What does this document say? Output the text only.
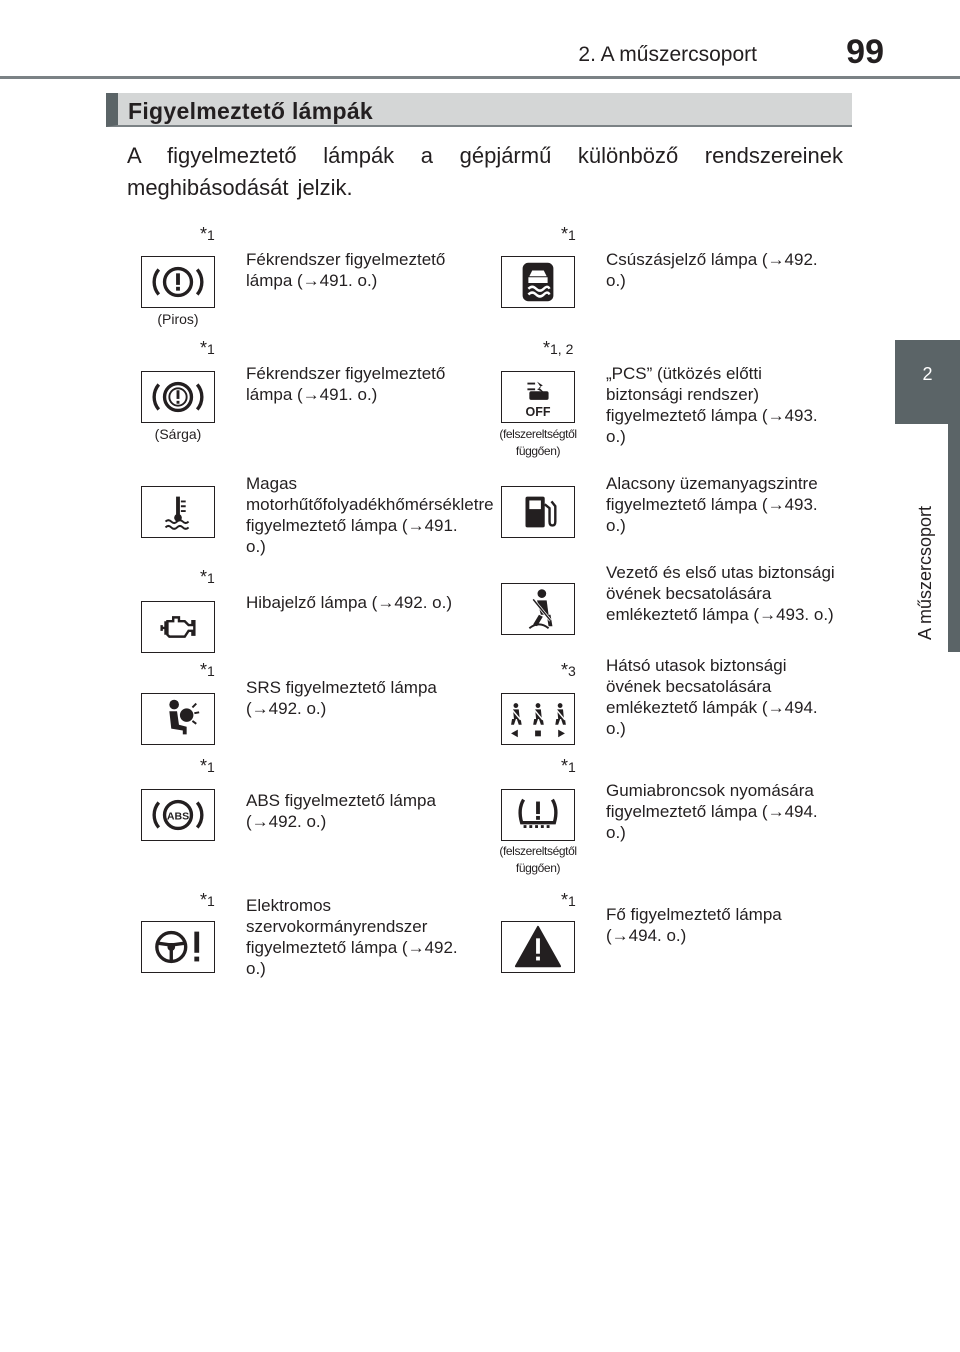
2. A műszercsoport	99
2
A műszercsoport
Figyelmeztető lámpák
A figyelmeztető lámpák a gépjármű különböző rendszereinek meghibásodását jelzik.
*1
(Piros)
Fékrendszer figyelmeztető lámpa (→491. o.)
*1
Csúszásjelző lámpa (→492. o.)
*1
(Sárga)
Fékrendszer figyelmeztető lámpa (→491. o.)
*1, 2
OFF
(felszereltségtől függően)
„PCS” (ütközés előtti biztonsági rendszer) figyelmeztető lámpa (→493. o.)
Magas motorhűtőfolyadékhőmérsékletre figyelmeztető lámpa (→491. o.)
Alacsony üzemanyagszintre figyelmeztető lámpa (→493. o.)
*1
Hibajelző lámpa (→492. o.)
Vezető és első utas biztonsági övének becsatolására emlékeztető lámpa (→493. o.)
*1
SRS figyelmeztető lámpa (→492. o.)
*3 Hátsó utasok biztonsági övének becsatolására emlékeztető lámpák (→494. o.)
*1
ABS
ABS figyelmeztető lámpa (→492. o.)
*1
(felszereltségtől függően)
Gumiabroncsok nyomására figyelmeztető lámpa (→494. o.)
*1 Elektromos szervokormányrendszer figyelmeztető lámpa (→492. o.)
*1
Fő figyelmeztető lámpa (→494. o.)
